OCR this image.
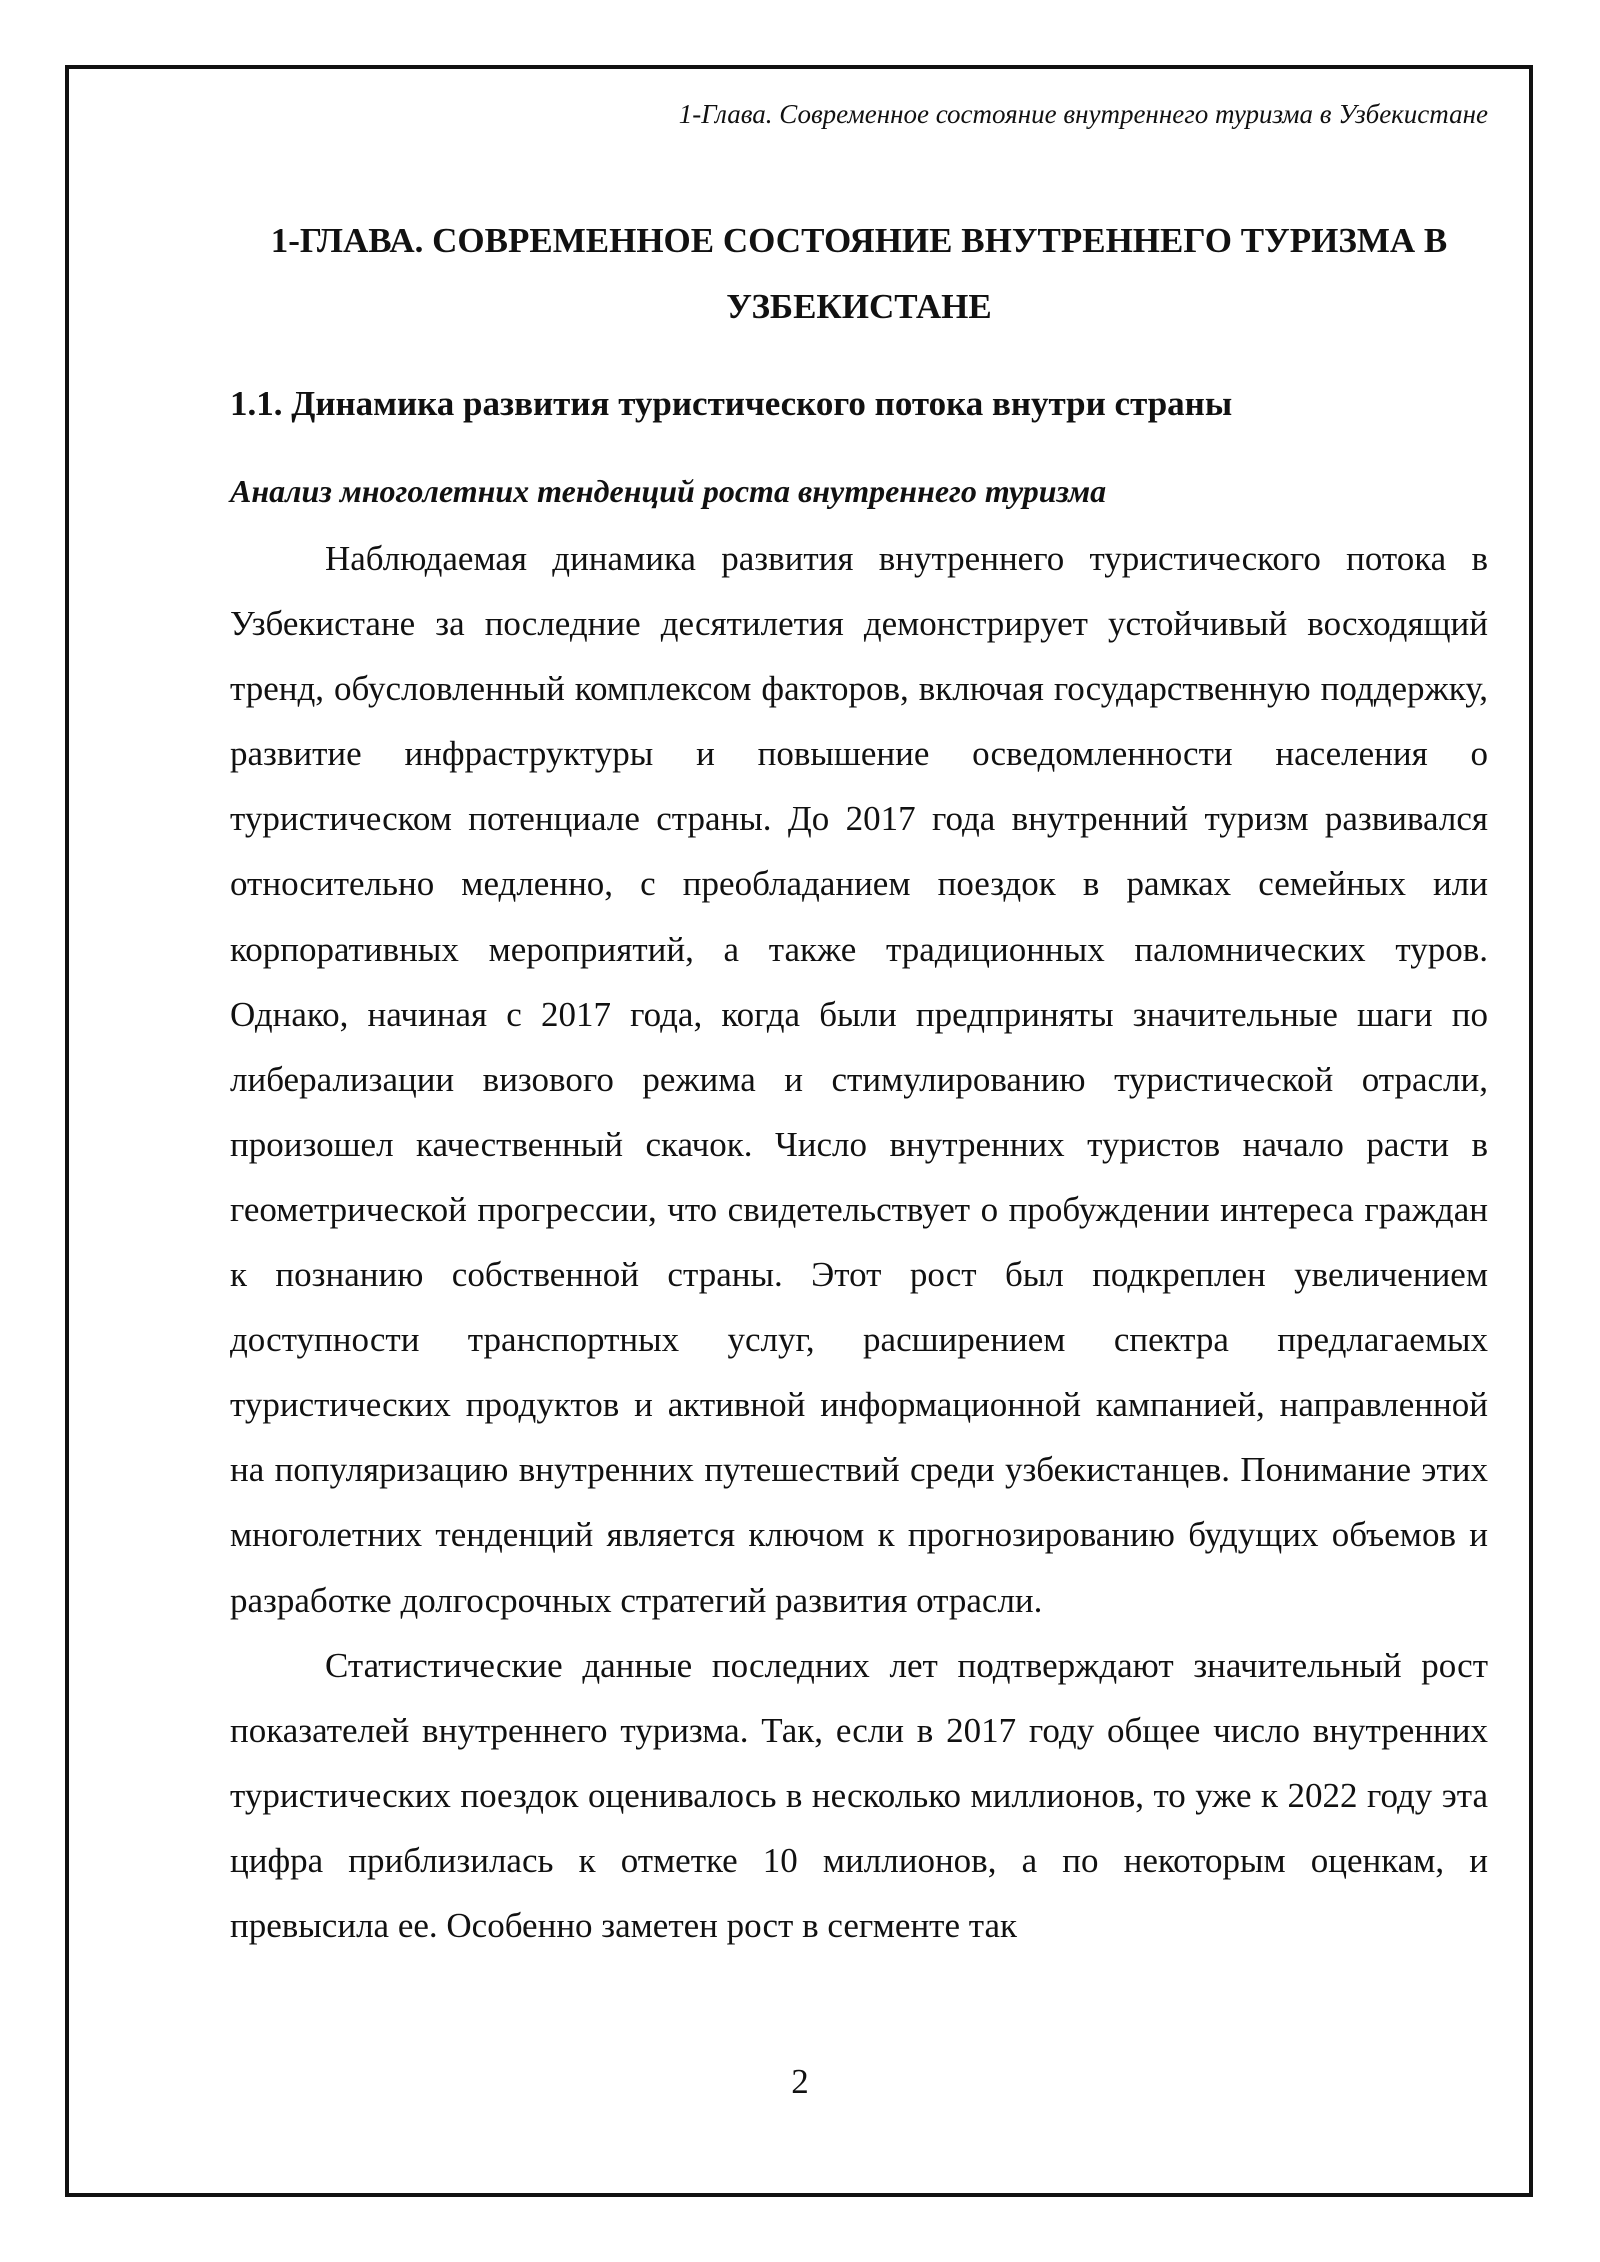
1-Глава. Современное состояние внутреннего туризма в Узбекистане
1-ГЛАВА. СОВРЕМЕННОЕ СОСТОЯНИЕ ВНУТРЕННЕГО ТУРИЗМА В УЗБЕКИСТАНЕ
1.1. Динамика развития туристического потока внутри страны
Анализ многолетних тенденций роста внутреннего туризма

Наблюдаемая динамика развития внутреннего туристического потока в Узбекистане за последние десятилетия демонстрирует устойчивый восходящий тренд, обусловленный комплексом факторов, включая государственную поддержку, развитие инфраструктуры и повышение осведомленности населения о туристическом потенциале страны. До 2017 года внутренний туризм развивался относительно медленно, с преобладанием поездок в рамках семейных или корпоративных мероприятий, а также традиционных паломнических туров. Однако, начиная с 2017 года, когда были предприняты значительные шаги по либерализации визового режима и стимулированию туристической отрасли, произошел качественный скачок. Число внутренних туристов начало расти в геометрической прогрессии, что свидетельствует о пробуждении интереса граждан к познанию собственной страны. Этот рост был подкреплен увеличением доступности транспортных услуг, расширением спектра предлагаемых туристических продуктов и активной информационной кампанией, направленной на популяризацию внутренних путешествий среди узбекистанцев. Понимание этих многолетних тенденций является ключом к прогнозированию будущих объемов и разработке долгосрочных стратегий развития отрасли.

Статистические данные последних лет подтверждают значительный рост показателей внутреннего туризма. Так, если в 2017 году общее число внутренних туристических поездок оценивалось в несколько миллионов, то уже к 2022 году эта цифра приблизилась к отметке 10 миллионов, а по некоторым оценкам, и превысила ее. Особенно заметен рост в сегменте так

2
